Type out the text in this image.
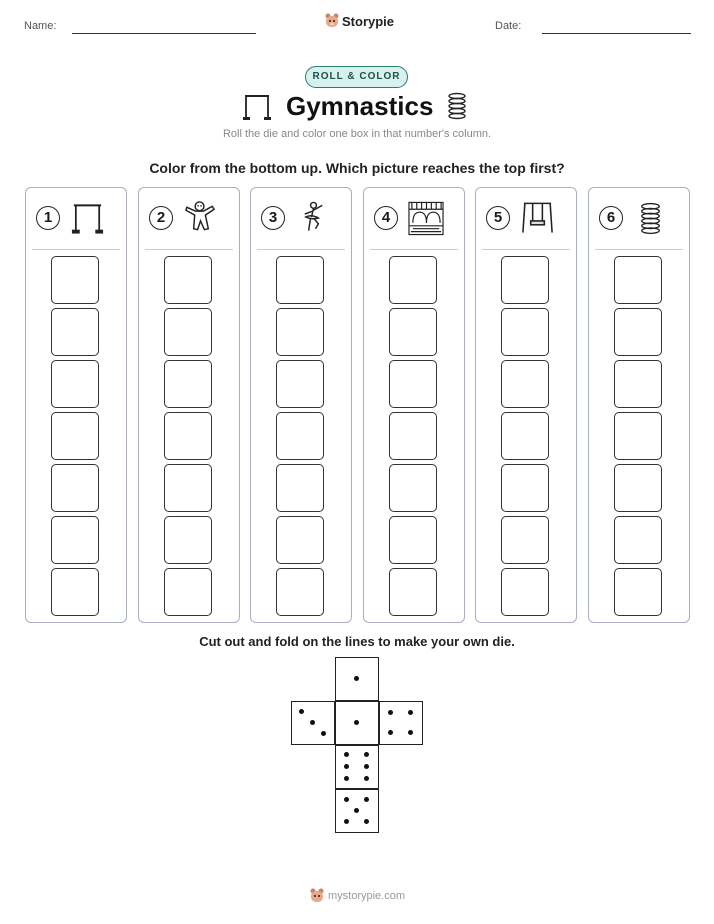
Name:	Storypie	Date:
ROLL & COLOR
Gymnastics
Roll the die and color one box in that number's column.
Color from the bottom up. Which picture reaches the top first?
1	2	3	4	5	6
Cut out and fold on the lines to make your own die.
mystorypie.com
